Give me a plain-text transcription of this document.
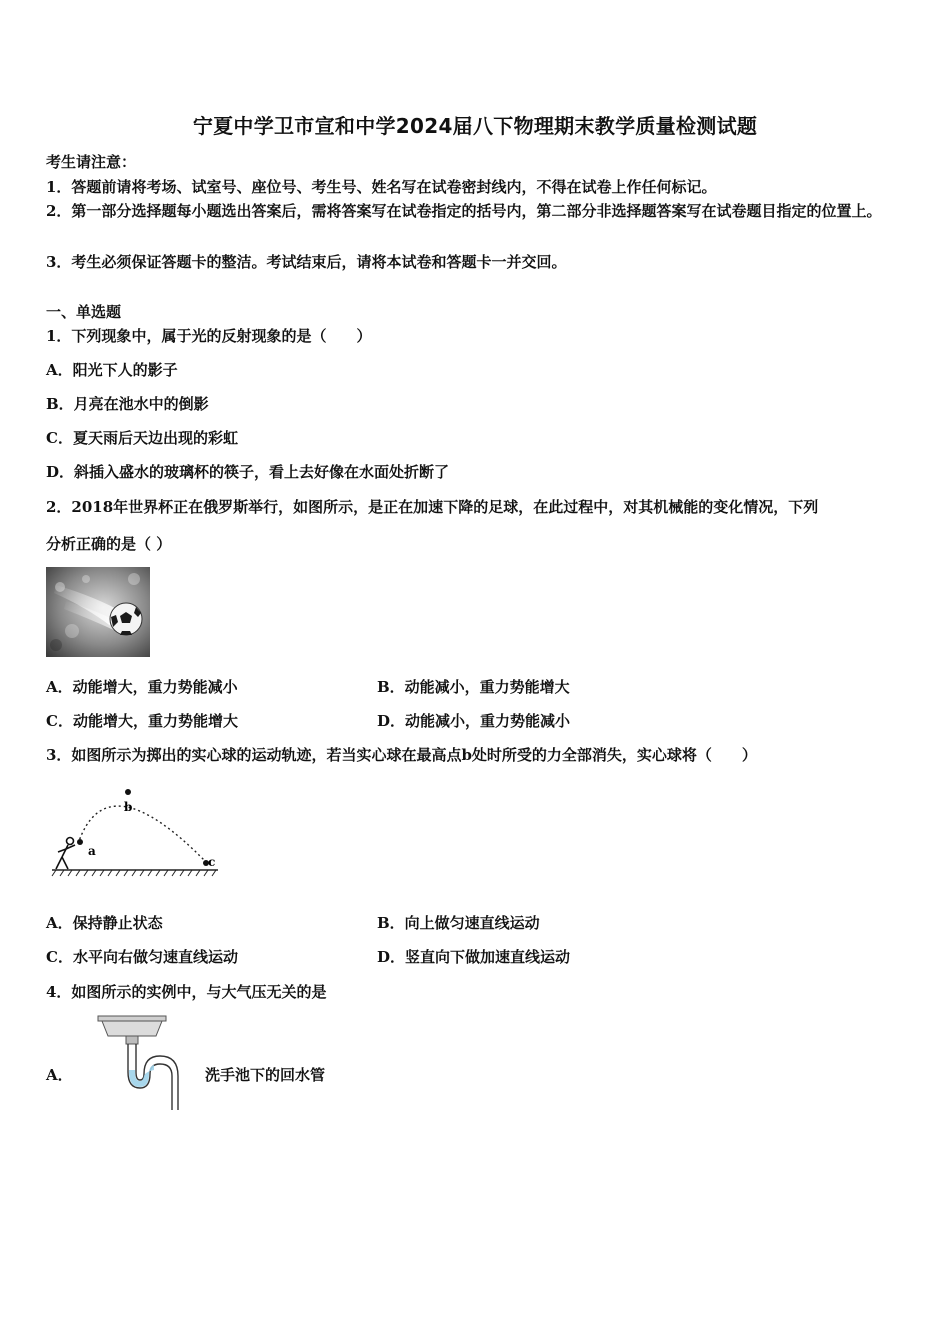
宁夏中学卫市宣和中学2024届八下物理期末教学质量检测试题
考生请注意：
1．答题前请将考场、试室号、座位号、考生号、姓名写在试卷密封线内，不得在试卷上作任何标记。
2．第一部分选择题每小题选出答案后，需将答案写在试卷指定的括号内，第二部分非选择题答案写在试卷题目指定的位置上。
3．考生必须保证答题卡的整洁。考试结束后，请将本试卷和答题卡一并交回。
一、单选题
1．下列现象中，属于光的反射现象的是（　　）
A．阳光下人的影子
B．月亮在池水中的倒影
C．夏天雨后天边出现的彩虹
D．斜插入盛水的玻璃杯的筷子，看上去好像在水面处折断了
2．2018年世界杯正在俄罗斯举行，如图所示，是正在加速下降的足球，在此过程中，对其机械能的变化情况，下列
分析正确的是（ ）
A．动能增大，重力势能减小	B．动能减小，重力势能增大
C．动能增大，重力势能增大	D．动能减小，重力势能减小
3．如图所示为掷出的实心球的运动轨迹，若当实心球在最高点b处时所受的力全部消失，实心球将（　　）
a
b
c
A．保持静止状态	B．向上做匀速直线运动
C．水平向右做匀速直线运动	D．竖直向下做加速直线运动
4．如图所示的实例中，与大气压无关的是
A．	洗手池下的回水管
